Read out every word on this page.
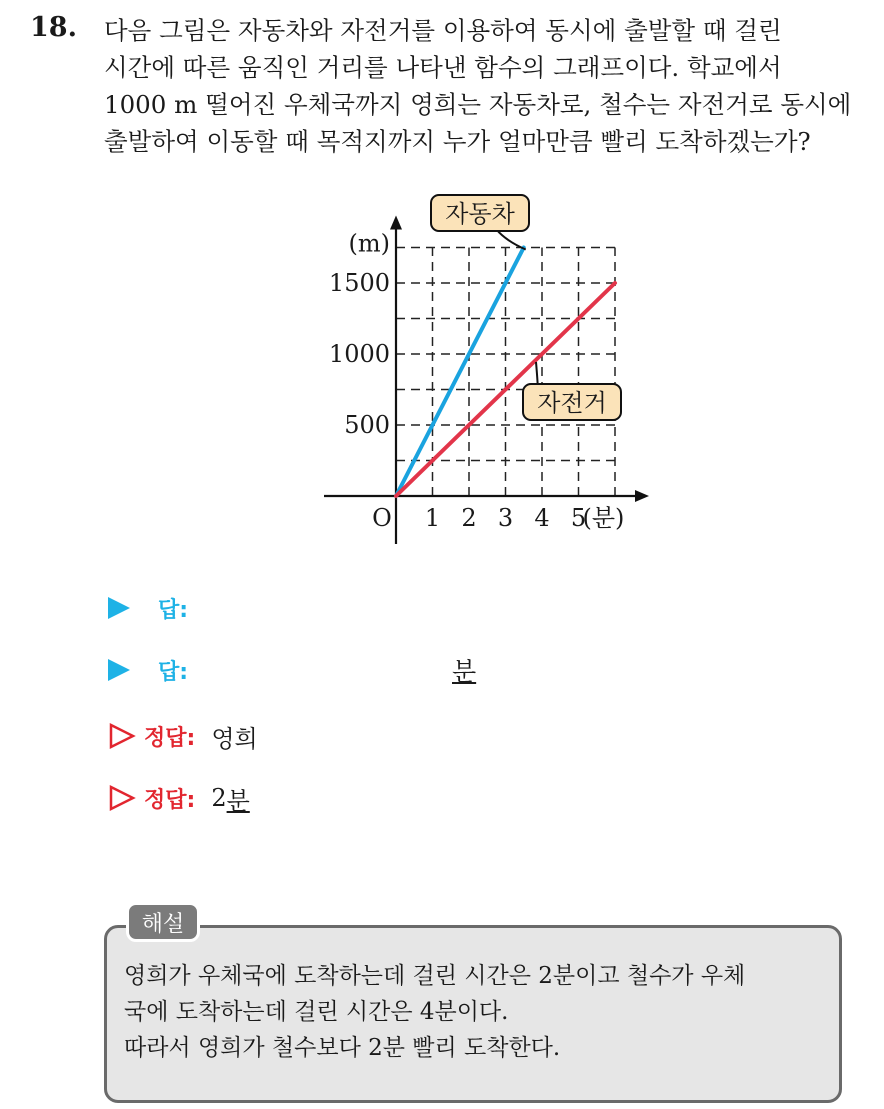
18. 다음 그림은 자동차와 자전거를 이용하여 동시에 출발할 때 걸린
시간에 따른 움직인 거리를 나타낸 함수의 그래프이다. 학교에서
1000 m 떨어진 우체국까지 영희는 자동차로, 철수는 자전거로 동시에
출발하여 이동할 때 목적지까지 누가 얼마만큼 빨리 도착하겠는가?
500
1000
1500
1 2 3 4 5
O
(m)
(분)
자동차
자전거
답:
답:	분
정답: 영희
정답: 2 분
해설
영희가 우체국에 도착하는데 걸린 시간은 2분이고 철수가 우체
국에 도착하는데 걸린 시간은 4분이다.
따라서 영희가 철수보다 2분 빨리 도착한다.
